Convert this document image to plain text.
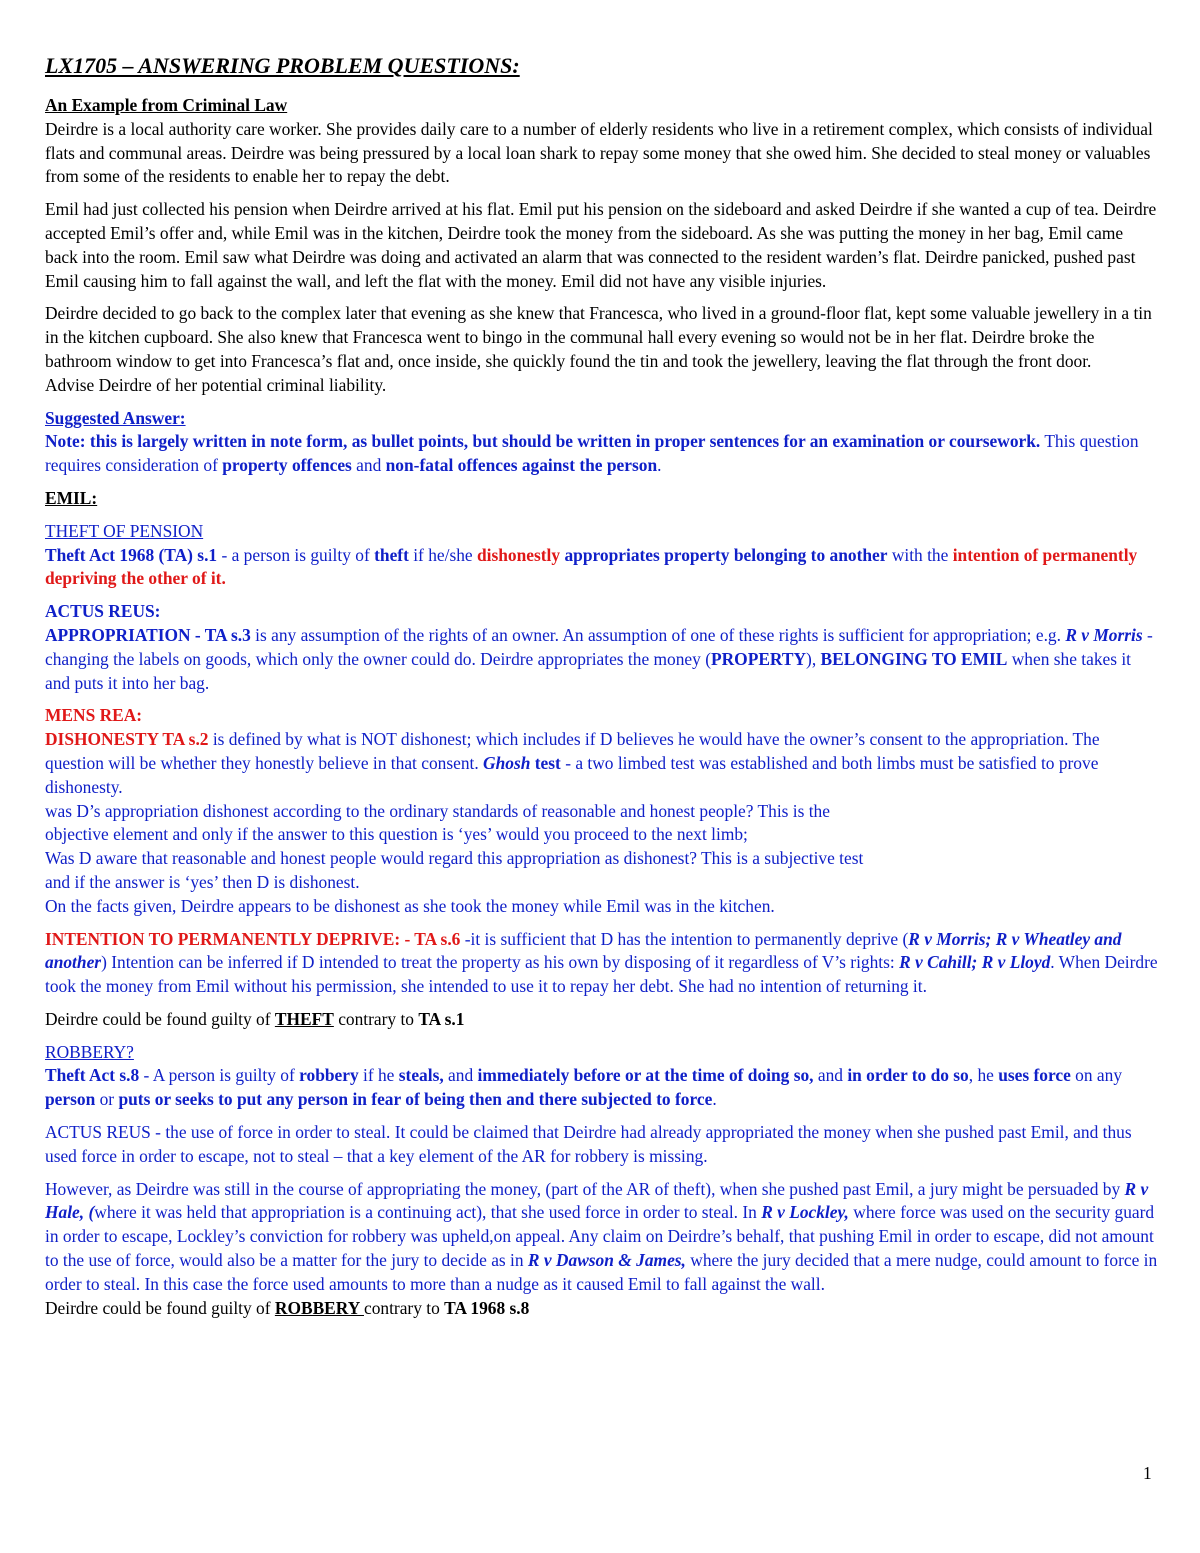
LX1705 – ANSWERING PROBLEM QUESTIONS:
An Example from Criminal Law

Deirdre is a local authority care worker. She provides daily care to a number of elderly residents who live in a retirement complex, which consists of individual flats and communal areas. Deirdre was being pressured by a local loan shark to repay some money that she owed him. She decided to steal money or valuables from some of the residents to enable her to repay the debt.

Emil had just collected his pension when Deirdre arrived at his flat. Emil put his pension on the sideboard and asked Deirdre if she wanted a cup of tea. Deirdre accepted Emil’s offer and, while Emil was in the kitchen, Deirdre took the money from the sideboard. As she was putting the money in her bag, Emil came back into the room. Emil saw what Deirdre was doing and activated an alarm that was connected to the resident warden’s flat. Deirdre panicked, pushed past Emil causing him to fall against the wall, and left the flat with the money. Emil did not have any visible injuries.

Deirdre decided to go back to the complex later that evening as she knew that Francesca, who lived in a ground-floor flat, kept some valuable jewellery in a tin in the kitchen cupboard. She also knew that Francesca went to bingo in the communal hall every evening so would not be in her flat. Deirdre broke the bathroom window to get into Francesca’s flat and, once inside, she quickly found the tin and took the jewellery, leaving the flat through the front door.

Advise Deirdre of her potential criminal liability.

Suggested Answer:

Note: this is largely written in note form, as bullet points, but should be written in proper sentences for an examination or coursework. This question requires consideration of property offences and non-fatal offences against the person.

EMIL:

THEFT OF PENSION

Theft Act 1968 (TA) s.1 - a person is guilty of theft if he/she dishonestly appropriates property belonging to another with the intention of permanently depriving the other of it.

ACTUS REUS:

APPROPRIATION - TA s.3 is any assumption of the rights of an owner. An assumption of one of these rights is sufficient for appropriation; e.g. R v Morris - changing the labels on goods, which only the owner could do. Deirdre appropriates the money (PROPERTY), BELONGING TO EMIL when she takes it and puts it into her bag.

MENS REA:
DISHONESTY TA s.2 is defined by what is NOT dishonest; which includes if D believes he would have the owner’s consent to the appropriation. The question will be whether they honestly believe in that consent. Ghosh test - a two limbed test was established and both limbs must be satisfied to prove dishonesty.
was D’s appropriation dishonest according to the ordinary standards of reasonable and honest people? This is the
objective element and only if the answer to this question is ‘yes’ would you proceed to the next limb;
Was D aware that reasonable and honest people would regard this appropriation as dishonest? This is a subjective test
and if the answer is ‘yes’ then D is dishonest.

On the facts given, Deirdre appears to be dishonest as she took the money while Emil was in the kitchen.

INTENTION TO PERMANENTLY DEPRIVE: - TA s.6 -it is sufficient that D has the intention to permanently deprive (R v Morris; R v Wheatley and another) Intention can be inferred if D intended to treat the property as his own by disposing of it regardless of V’s rights: R v Cahill; R v Lloyd. When Deirdre took the money from Emil without his permission, she intended to use it to repay her debt. She had no intention of returning it.

Deirdre could be found guilty of THEFT contrary to TA s.1

ROBBERY?

Theft Act s.8 - A person is guilty of robbery if he steals, and immediately before or at the time of doing so, and in order to do so, he uses force on any person or puts or seeks to put any person in fear of being then and there subjected to force.

ACTUS REUS - the use of force in order to steal. It could be claimed that Deirdre had already appropriated the money when she pushed past Emil, and thus used force in order to escape, not to steal – that a key element of the AR for robbery is missing.

However, as Deirdre was still in the course of appropriating the money, (part of the AR of theft), when she pushed past Emil, a jury might be persuaded by R v Hale, (where it was held that appropriation is a continuing act), that she used force in order to steal. In R v Lockley, where force was used on the security guard in order to escape, Lockley’s conviction for robbery was upheld,on appeal. Any claim on Deirdre’s behalf, that pushing Emil in order to escape, did not amount to the use of force, would also be a matter for the jury to decide as in R v Dawson & James, where the jury decided that a mere nudge, could amount to force in order to steal. In this case the force used amounts to more than a nudge as it caused Emil to fall against the wall.
Deirdre could be found guilty of ROBBERY contrary to TA 1968 s.8
1
